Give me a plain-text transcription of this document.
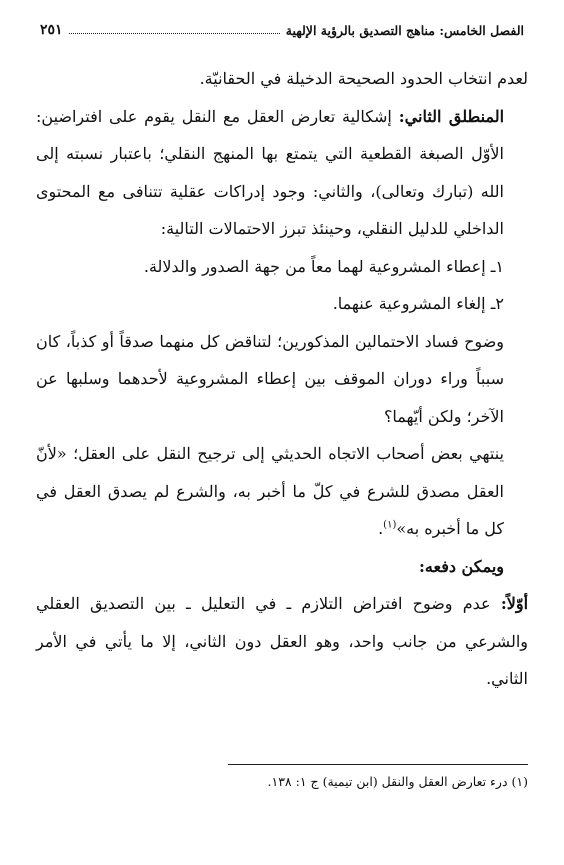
الفصل الخامس: مناهج التصديق بالرؤية الإلهية
٢٥١

لعدم انتخاب الحدود الصحيحة الدخيلة في الحقانيّة.

المنطلق الثاني: إشكالية تعارض العقل مع النقل يقوم على افتراضين: الأوّل الصبغة القطعية التي يتمتع بها المنهج النقلي؛ باعتبار نسبته إلى الله (تبارك وتعالى)، والثاني: وجود إدراكات عقلية تتنافى مع المحتوى الداخلي للدليل النقلي، وحينئذ تبرز الاحتمالات التالية:

١ـ إعطاء المشروعية لهما معاً من جهة الصدور والدلالة.

٢ـ إلغاء المشروعية عنهما.

وضوح فساد الاحتمالين المذكورين؛ لتناقض كل منهما صدقاً أو كذباً، كان سبباً وراء دوران الموقف بين إعطاء المشروعية لأحدهما وسلبها عن الآخر؛ ولكن أيّهما؟

ينتهي بعض أصحاب الاتجاه الحديثي إلى ترجيح النقل على العقل؛ «لأنّ العقل مصدق للشرع في كلّ ما أخبر به، والشرع لم يصدق العقل في كل ما أخبره به»$^{(١)}$.

ويمكن دفعه:

أوّلاً: عدم وضوح افتراض التلازم ـ في التعليل ـ بين التصديق العقلي والشرعي من جانب واحد، وهو العقل دون الثاني، إلا ما يأتي في الأمر الثاني.

(١) درء تعارض العقل والنقل (ابن تيمية) ج ١: ١٣٨.
